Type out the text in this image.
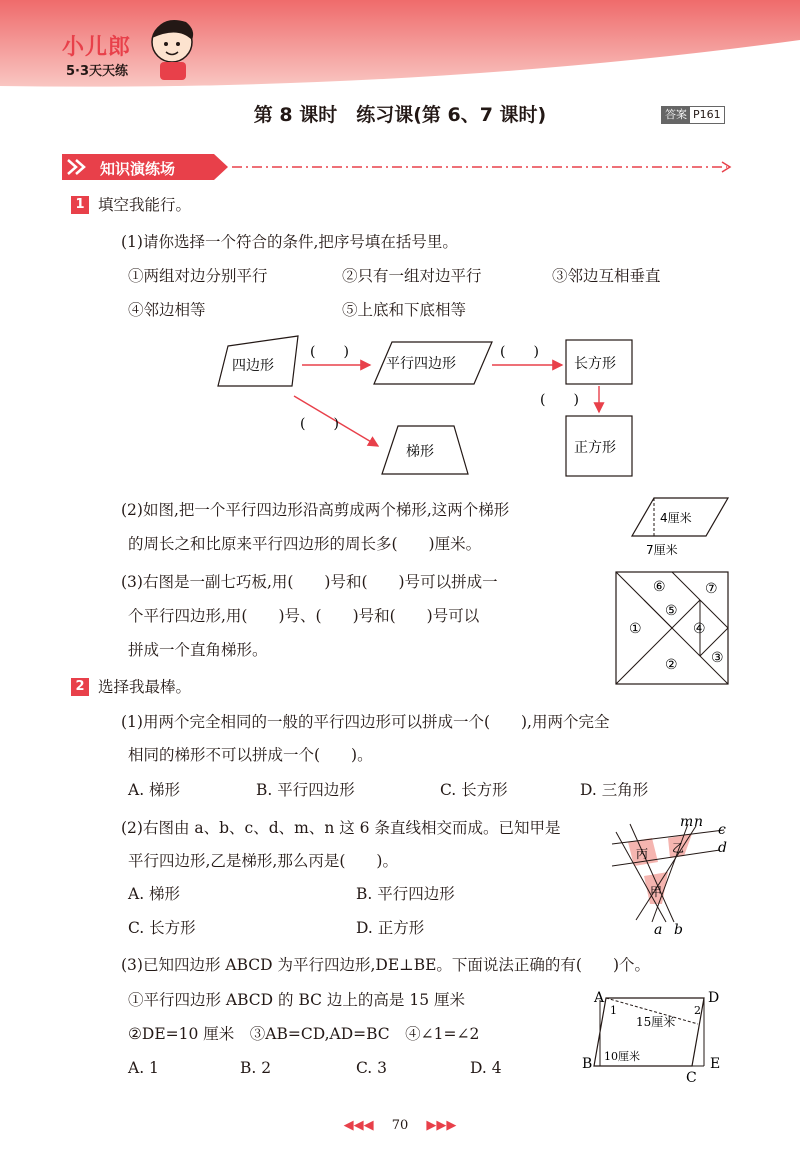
小儿郎
5·3天天练
第 8 课时　练习课(第 6、7 课时)	答案 P161
知识演练场
1 填空我能行。
(1)请你选择一个符合的条件,把序号填在括号里。
①两组对边分别平行	②只有一组对边平行	③邻边互相垂直
④邻边相等	⑤上底和下底相等
四边形	平行四边形	长方形
梯形	正方形
(　　)	(　　)
(　　)
(　　)
(2)如图,把一个平行四边形沿高剪成两个梯形,这两个梯形
的周长之和比原来平行四边形的周长多(　　)厘米。
4厘米
7厘米
(3)右图是一副七巧板,用(　　)号和(　　)号可以拼成一
个平行四边形,用(　　)号、(　　)号和(　　)号可以
拼成一个直角梯形。
①
② ③
④
⑤
⑥	⑦
2 选择我最棒。
(1)用两个完全相同的一般的平行四边形可以拼成一个(　　),用两个完全
相同的梯形不可以拼成一个(　　)。
A. 梯形	B. 平行四边形	C. 长方形	D. 三角形
(2)右图由 a、b、c、d、m、n 这 6 条直线相交而成。已知甲是
平行四边形,乙是梯形,那么丙是(　　)。
A. 梯形	B. 平行四边形
C. 长方形	D. 正方形
m n c
d
a b
丙 乙
甲
(3)已知四边形 ABCD 为平行四边形,DE⊥BE。下面说法正确的有(　　)个。
①平行四边形 ABCD 的 BC 边上的高是 15 厘米
②DE=10 厘米　③AB=CD,AD=BC　④∠1=∠2
A. 1	B. 2	C. 3	D. 4
A	D
B
C
E
1	2
15厘米
10厘米
◀◀◀ 70 ▶▶▶
